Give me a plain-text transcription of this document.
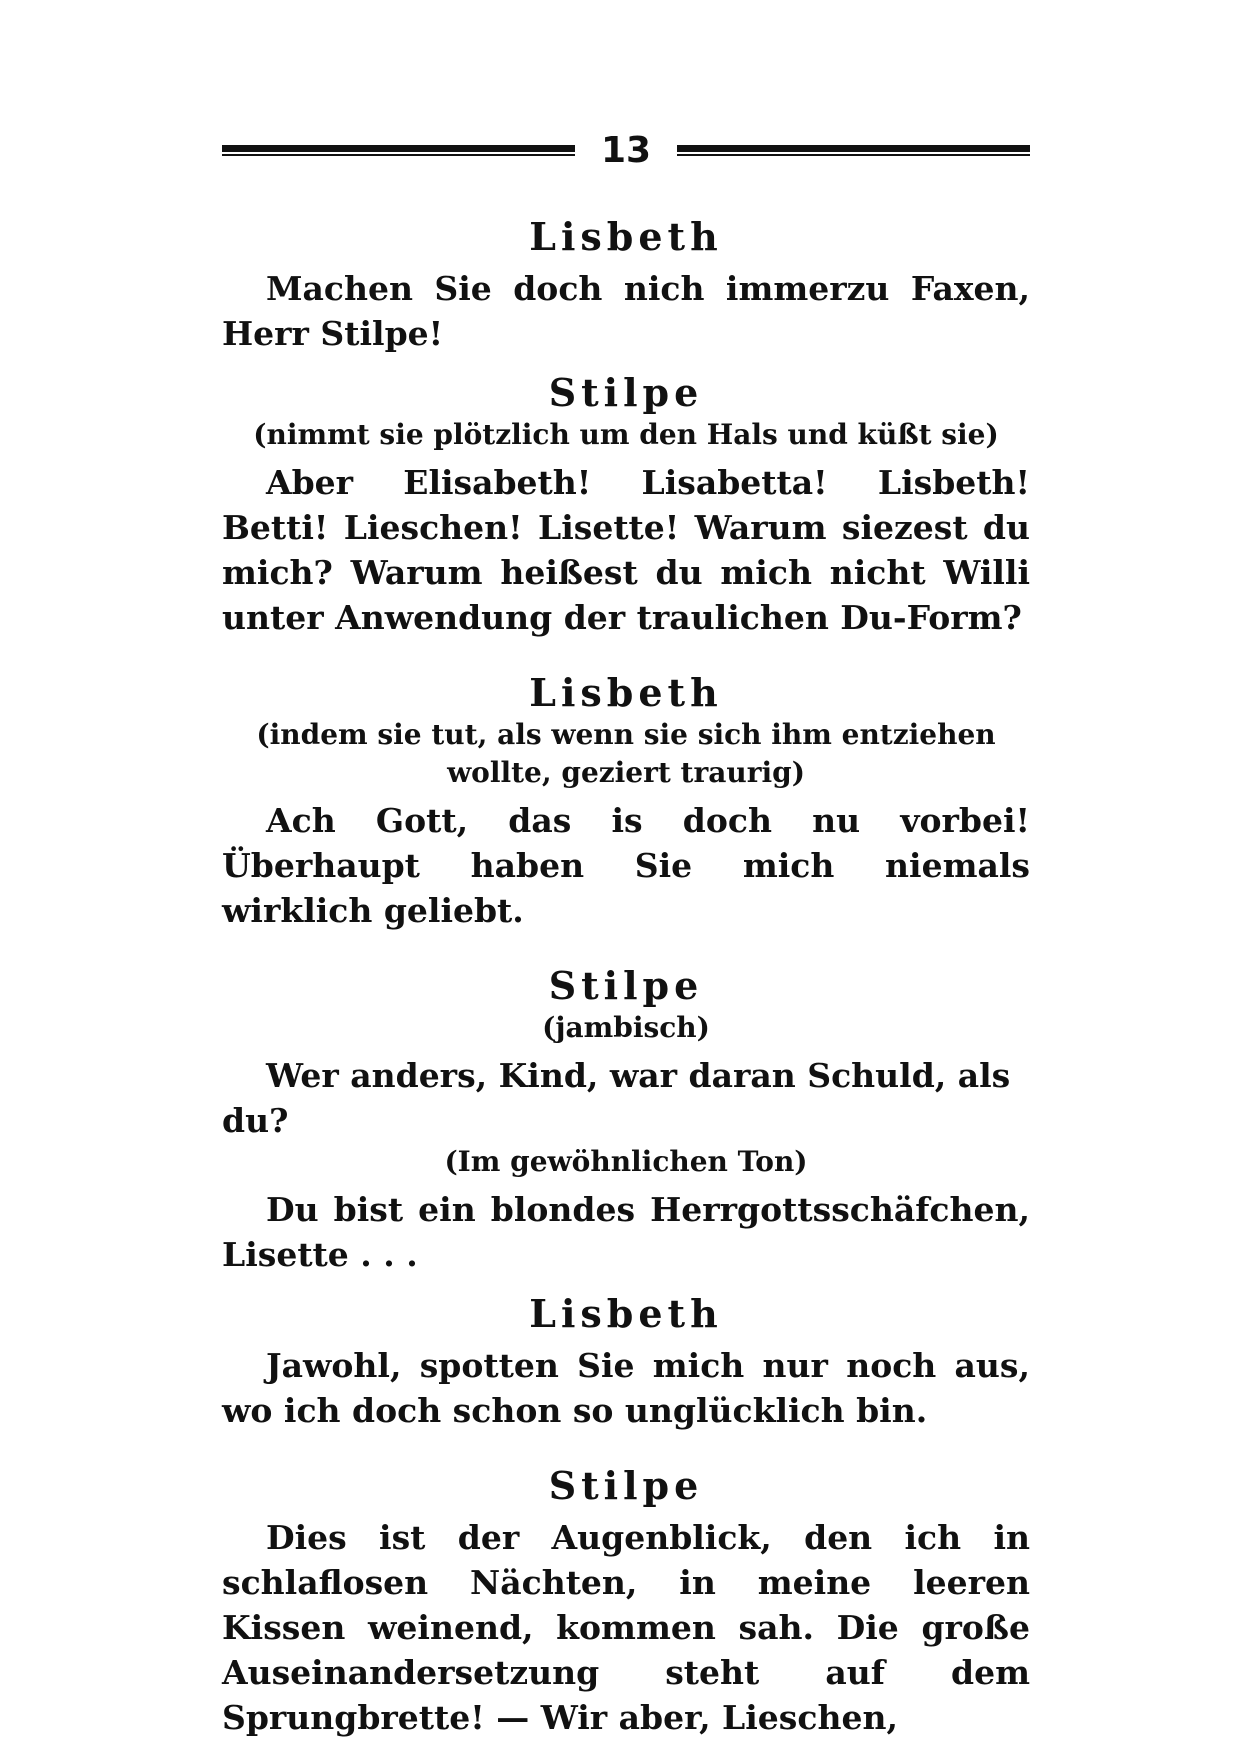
13

Lisbeth

Machen Sie doch nich immerzu Faxen, Herr Stilpe!

Stilpe

(nimmt sie plötzlich um den Hals und küßt sie)

Aber Elisabeth! Lisabetta! Lisbeth! Betti! Lieschen! Lisette! Warum siezest du mich? Warum heißest du mich nicht Willi unter Anwendung der traulichen Du-Form?

Lisbeth

(indem sie tut, als wenn sie sich ihm entziehen wollte, geziert traurig)

Ach Gott, das is doch nu vorbei! Überhaupt haben Sie mich niemals wirklich geliebt.

Stilpe

(jambisch)

Wer anders, Kind, war daran Schuld, als du?

(Im gewöhnlichen Ton)

Du bist ein blondes Herrgottsschäfchen, Lisette . . .

Lisbeth

Jawohl, spotten Sie mich nur noch aus, wo ich doch schon so unglücklich bin.

Stilpe

Dies ist der Augenblick, den ich in schlaflosen Nächten, in meine leeren Kissen weinend, kommen sah. Die große Auseinandersetzung steht auf dem Sprungbrette! — Wir aber, Lieschen,
